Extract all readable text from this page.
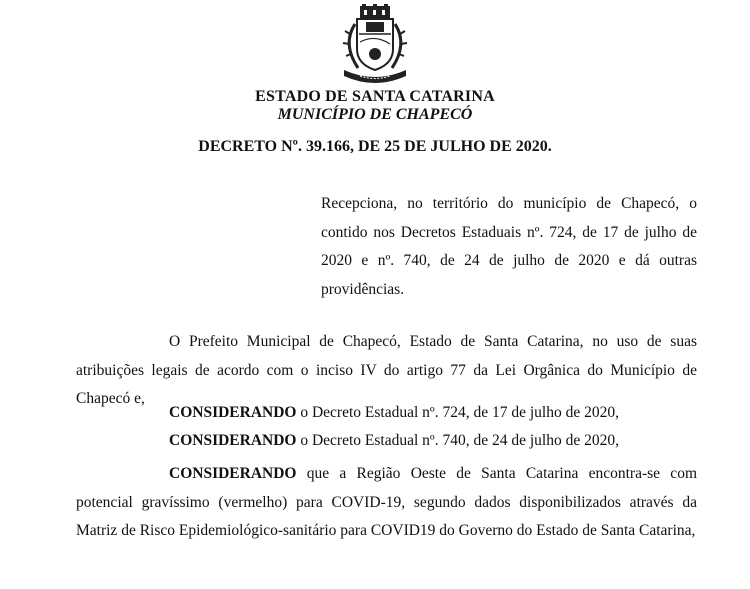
ESTADO DE SANTA CATARINA
MUNICÍPIO DE CHAPECÓ
DECRETO Nº. 39.166, DE 25 DE JULHO DE 2020.
Recepciona, no território do município de Chapecó, o contido nos Decretos Estaduais nº. 724, de 17 de julho de 2020 e nº. 740, de 24 de julho de 2020 e dá outras providências.
O Prefeito Municipal de Chapecó, Estado de Santa Catarina, no uso de suas atribuições legais de acordo com o inciso IV do artigo 77 da Lei Orgânica do Município de Chapecó e,
CONSIDERANDO o Decreto Estadual nº. 724, de 17 de julho de 2020,
CONSIDERANDO o Decreto Estadual nº. 740, de 24 de julho de 2020,
CONSIDERANDO que a Região Oeste de Santa Catarina encontra-se com potencial gravíssimo (vermelho) para COVID-19, segundo dados disponibilizados através da Matriz de Risco Epidemiológico-sanitário para COVID19 do Governo do Estado de Santa Catarina,
